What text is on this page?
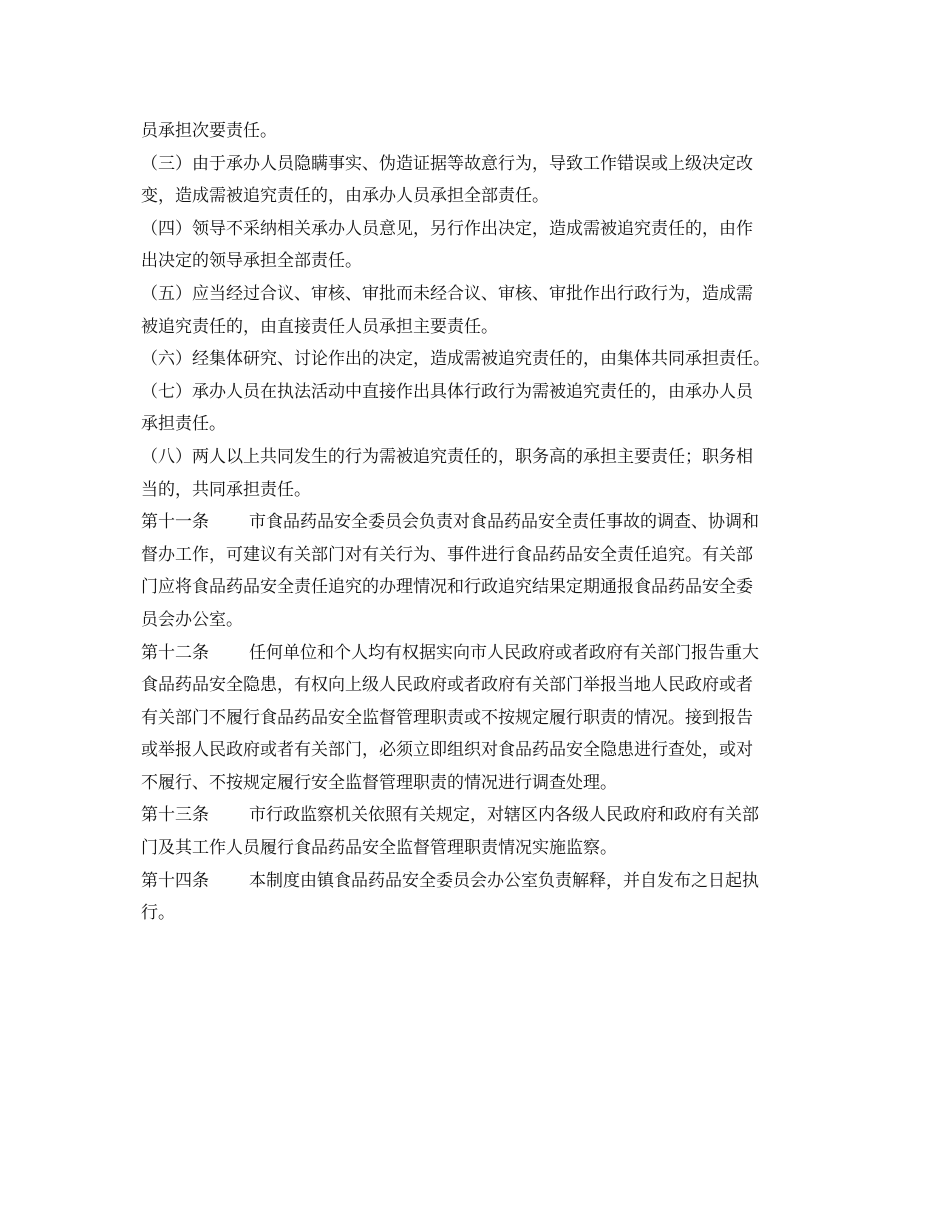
员承担次要责任。

（三）由于承办人员隐瞒事实、伪造证据等故意行为，导致工作错误或上级决定改

变，造成需被追究责任的，由承办人员承担全部责任。

（四）领导不采纳相关承办人员意见，另行作出决定，造成需被追究责任的，由作

出决定的领导承担全部责任。

（五）应当经过合议、审核、审批而未经合议、审核、审批作出行政行为，造成需

被追究责任的，由直接责任人员承担主要责任。

（六）经集体研究、讨论作出的决定，造成需被追究责任的，由集体共同承担责任。

（七）承办人员在执法活动中直接作出具体行政行为需被追究责任的，由承办人员

承担责任。

（八）两人以上共同发生的行为需被追究责任的，职务高的承担主要责任；职务相

当的，共同承担责任。

第十一条 市食品药品安全委员会负责对食品药品安全责任事故的调查、协调和

督办工作，可建议有关部门对有关行为、事件进行食品药品安全责任追究。有关部

门应将食品药品安全责任追究的办理情况和行政追究结果定期通报食品药品安全委

员会办公室。

第十二条 任何单位和个人均有权据实向市人民政府或者政府有关部门报告重大

食品药品安全隐患，有权向上级人民政府或者政府有关部门举报当地人民政府或者

有关部门不履行食品药品安全监督管理职责或不按规定履行职责的情况。接到报告

或举报人民政府或者有关部门，必须立即组织对食品药品安全隐患进行查处，或对

不履行、不按规定履行安全监督管理职责的情况进行调查处理。

第十三条 市行政监察机关依照有关规定，对辖区内各级人民政府和政府有关部

门及其工作人员履行食品药品安全监督管理职责情况实施监察。

第十四条 本制度由镇食品药品安全委员会办公室负责解释，并自发布之日起执

行。
